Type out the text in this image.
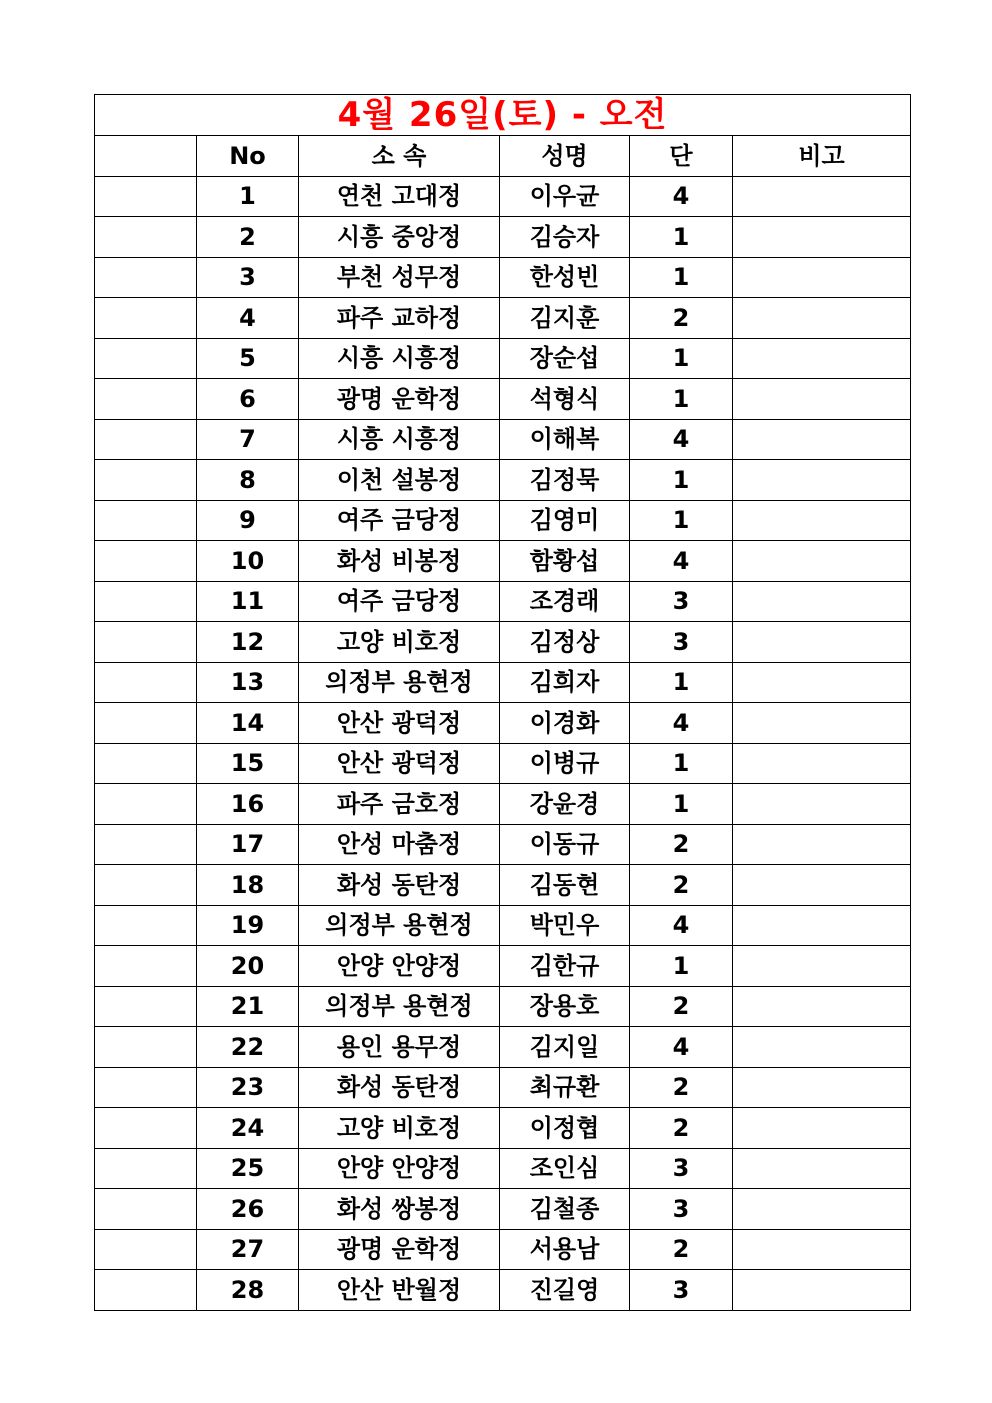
4월 26일(토) - 오전					
	No	소 속	성명	단	비고
	1	연천 고대정	이우균	4	
	2	시흥 중앙정	김승자	1	
	3	부천 성무정	한성빈	1	
	4	파주 교하정	김지훈	2	
	5	시흥 시흥정	장순섭	1	
	6	광명 운학정	석형식	1	
	7	시흥 시흥정	이해복	4	
	8	이천 설봉정	김정묵	1	
	9	여주 금당정	김영미	1	
	10	화성 비봉정	함황섭	4	
	11	여주 금당정	조경래	3	
	12	고양 비호정	김정상	3	
	13	의정부 용현정	김희자	1	
	14	안산 광덕정	이경화	4	
	15	안산 광덕정	이병규	1	
	16	파주 금호정	강윤경	1	
	17	안성 마춤정	이동규	2	
	18	화성 동탄정	김동현	2	
	19	의정부 용현정	박민우	4	
	20	안양 안양정	김한규	1	
	21	의정부 용현정	장용호	2	
	22	용인 용무정	김지일	4	
	23	화성 동탄정	최규환	2	
	24	고양 비호정	이정협	2	
	25	안양 안양정	조인심	3	
	26	화성 쌍봉정	김철종	3	
	27	광명 운학정	서용남	2	
	28	안산 반월정	진길영	3	
